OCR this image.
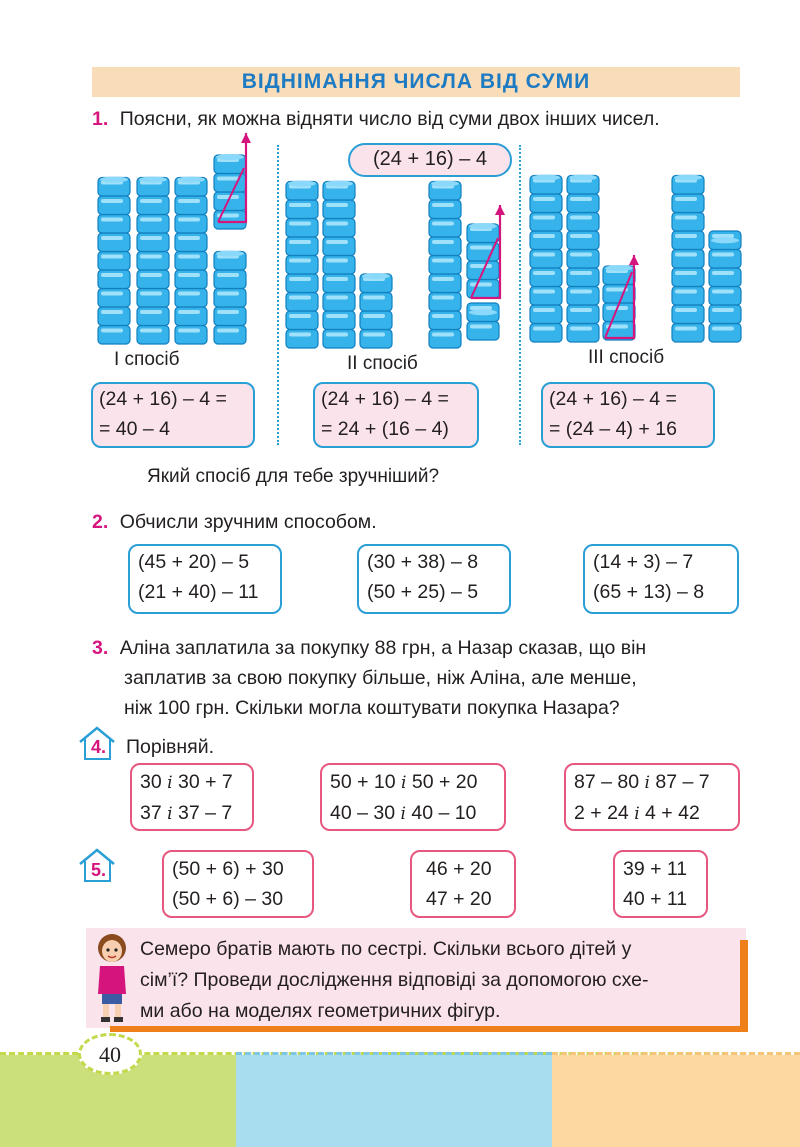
ВІДНІМАННЯ ЧИСЛА ВІД СУМИ
1. Поясни, як можна відняти число від суми двох інших чисел.
(24 + 16) – 4
І спосіб	ІІ спосіб	ІІІ спосіб
(24 + 16) – 4 =
= 40 – 4
(24 + 16) – 4 =
= 24 + (16 – 4)
(24 + 16) – 4 =
= (24 – 4) + 16
Який спосіб для тебе зручніший?
2. Обчисли зручним способом.
(45 + 20) – 5
(21 + 40) – 11
(30 + 38) – 8
(50 + 25) – 5
(14 + 3) – 7
(65 + 13) – 8
3. Аліна заплатила за покупку 88 грн, а Назар сказав, що він
заплатив за свою покупку більше, ніж Аліна, але менше,
ніж 100 грн. Скільки могла коштувати покупка Назара?
4. Порівняй.
30 і 30 + 7
37 і 37 – 7
50 + 10 і 50 + 20
40 – 30 і 40 – 10
87 – 80 і 87 – 7
2 + 24 і 4 + 42
5.	(50 + 6) + 30
(50 + 6) – 30
46 + 20
47 + 20
39 + 11
40 + 11
Семеро братів мають по сестрі. Скільки всього дітей у
сім’ї? Проведи дослідження відповіді за допомогою схе-
ми або на моделях геометричних фігур.
40
